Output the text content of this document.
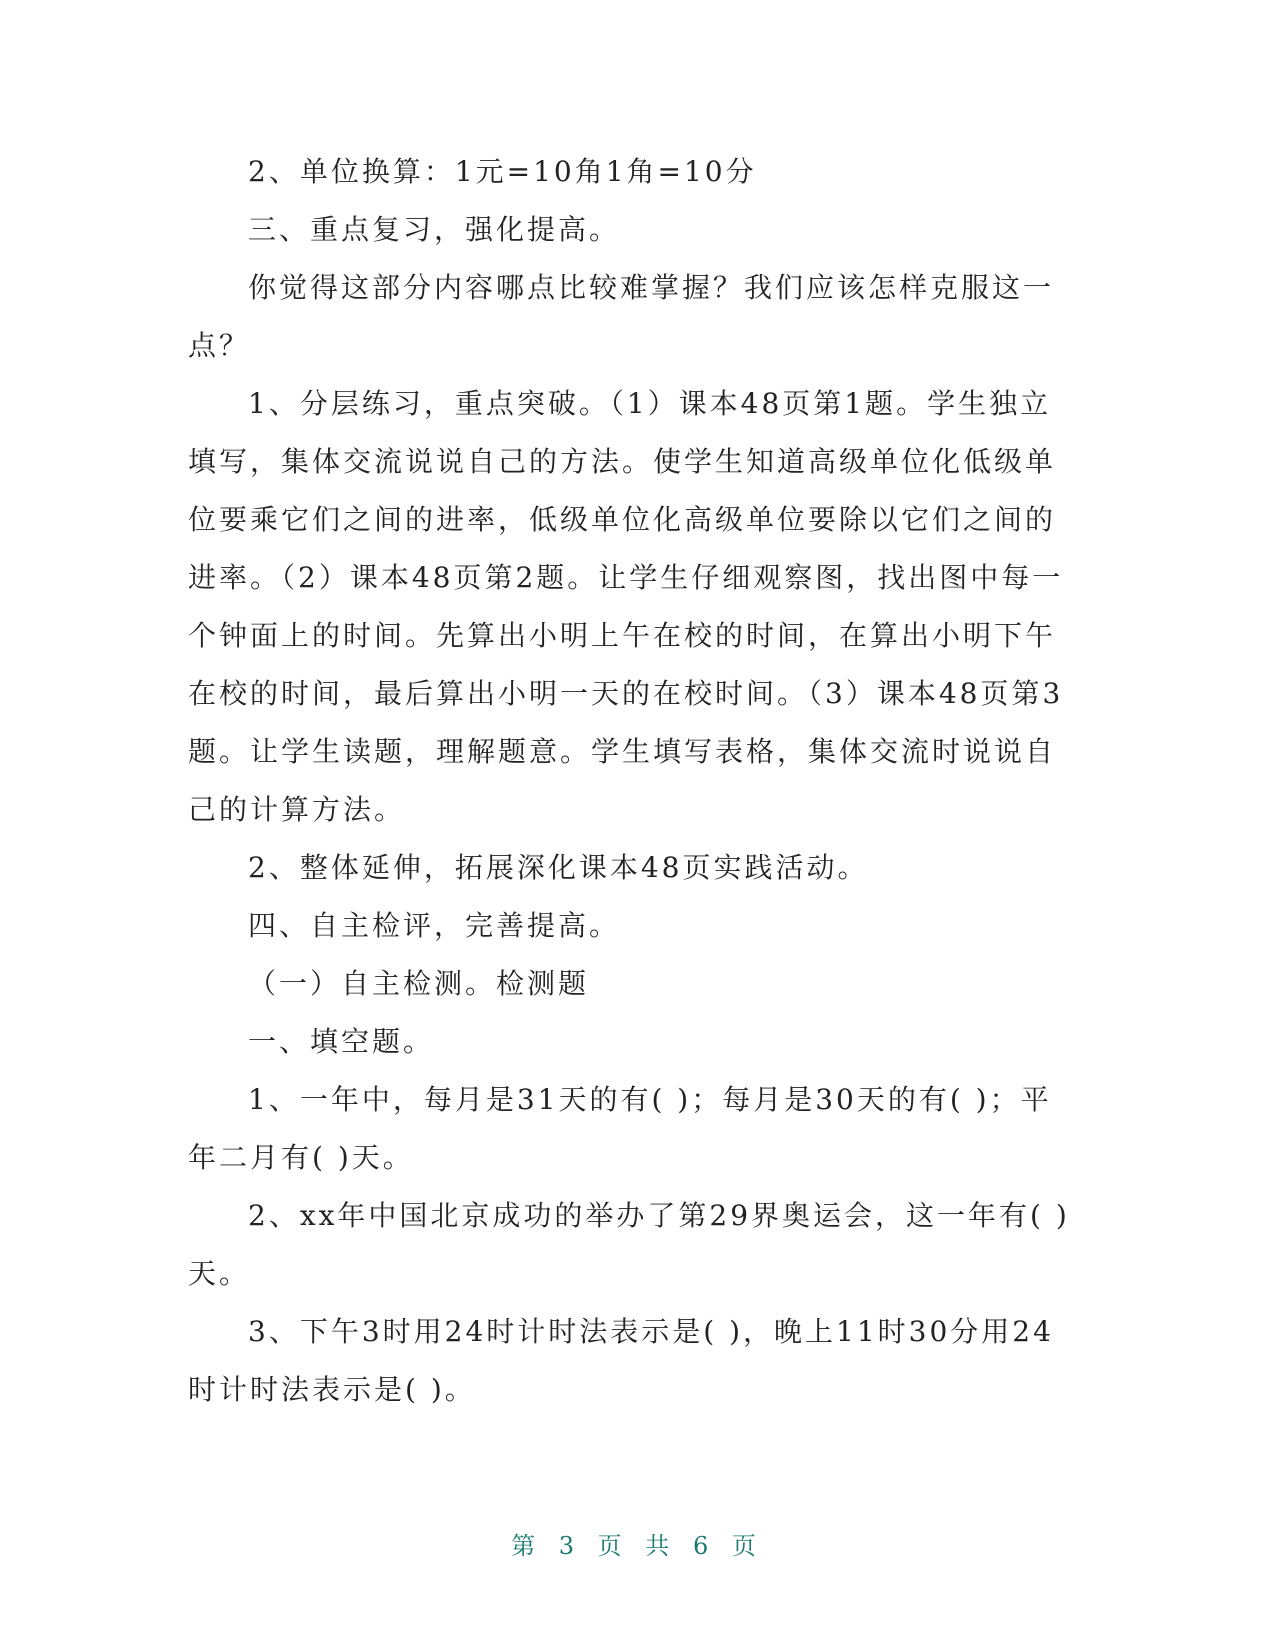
2、单位换算：1元=10角1角=10分

三、重点复习，强化提高。

你觉得这部分内容哪点比较难掌握？我们应该怎样克服这一点？

1、分层练习，重点突破。（1）课本48页第1题。学生独立填写，集体交流说说自己的方法。使学生知道高级单位化低级单位要乘它们之间的进率，低级单位化高级单位要除以它们之间的进率。（2）课本48页第2题。让学生仔细观察图，找出图中每一个钟面上的时间。先算出小明上午在校的时间，在算出小明下午在校的时间，最后算出小明一天的在校时间。（3）课本48页第3题。让学生读题，理解题意。学生填写表格，集体交流时说说自己的计算方法。

2、整体延伸，拓展深化课本48页实践活动。

四、自主检评，完善提高。

（一）自主检测。检测题

一、填空题。

1、一年中，每月是31天的有( )；每月是30天的有( )；平年二月有( )天。

2、xx年中国北京成功的举办了第29界奥运会，这一年有( )天。

3、下午3时用24时计时法表示是( )，晚上11时30分用24时计时法表示是( )。

第 3 页 共 6 页
